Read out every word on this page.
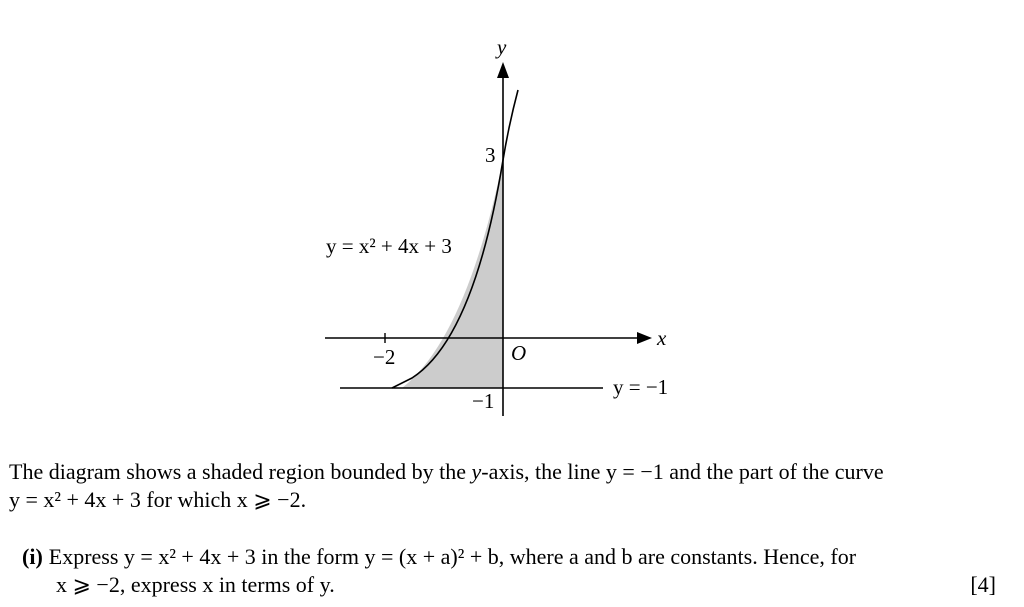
y
x
O
−2
3
−1
y = x² + 4x + 3
y = −1

The diagram shows a shaded region bounded by the y-axis, the line y = −1 and the part of the curve
y = x² + 4x + 3 for which x ⩾ −2.

(i) Express y = x² + 4x + 3 in the form y = (x + a)² + b, where a and b are constants. Hence, for
x ⩾ −2, express x in terms of y.	[4]
